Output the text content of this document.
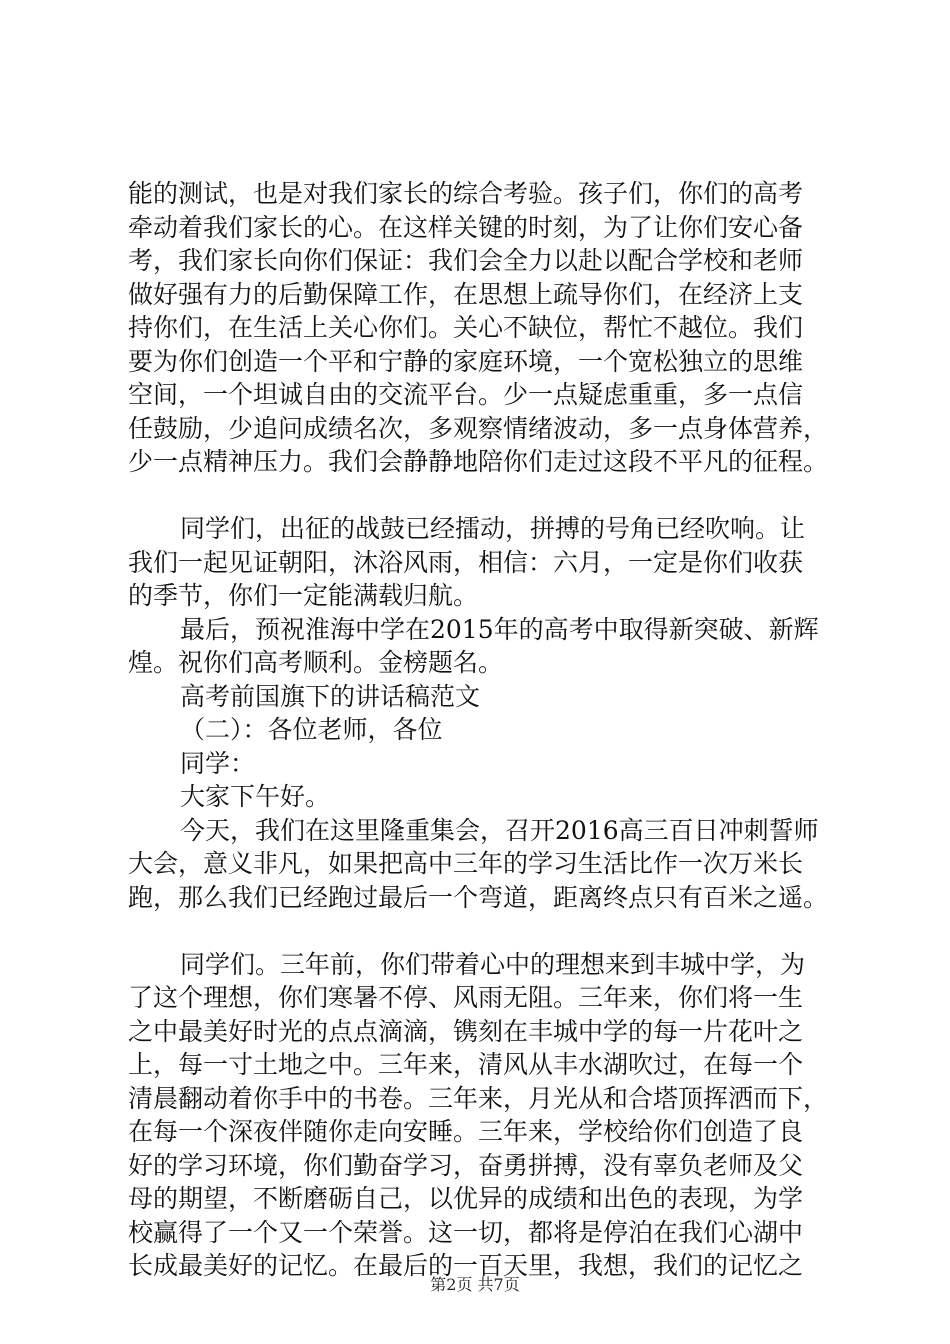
能的测试，也是对我们家长的综合考验。孩子们，你们的高考
牵动着我们家长的心。在这样关键的时刻，为了让你们安心备
考，我们家长向你们保证：我们会全力以赴以配合学校和老师
做好强有力的后勤保障工作，在思想上疏导你们，在经济上支
持你们，在生活上关心你们。关心不缺位，帮忙不越位。我们
要为你们创造一个平和宁静的家庭环境，一个宽松独立的思维
空间，一个坦诚自由的交流平台。少一点疑虑重重，多一点信
任鼓励，少追问成绩名次，多观察情绪波动，多一点身体营养，
少一点精神压力。我们会静静地陪你们走过这段不平凡的征程。
同学们，出征的战鼓已经擂动，拼搏的号角已经吹响。让
我们一起见证朝阳，沐浴风雨，相信：六月，一定是你们收获
的季节，你们一定能满载归航。
最后，预祝淮海中学在2015年的高考中取得新突破、新辉
煌。祝你们高考顺利。金榜题名。
高考前国旗下的讲话稿范文
（二）：各位老师，各位
同学：
大家下午好。
今天，我们在这里隆重集会，召开2016高三百日冲刺誓师
大会，意义非凡，如果把高中三年的学习生活比作一次万米长
跑，那么我们已经跑过最后一个弯道，距离终点只有百米之遥。
同学们。三年前，你们带着心中的理想来到丰城中学，为
了这个理想，你们寒暑不停、风雨无阻。三年来，你们将一生
之中最美好时光的点点滴滴，镌刻在丰城中学的每一片花叶之
上，每一寸土地之中。三年来，清风从丰水湖吹过，在每一个
清晨翻动着你手中的书卷。三年来，月光从和合塔顶挥洒而下，
在每一个深夜伴随你走向安睡。三年来，学校给你们创造了良
好的学习环境，你们勤奋学习，奋勇拼搏，没有辜负老师及父
母的期望，不断磨砺自己，以优异的成绩和出色的表现，为学
校赢得了一个又一个荣誉。这一切，都将是停泊在我们心湖中
长成最美好的记忆。在最后的一百天里，我想，我们的记忆之
第2页 共7页
